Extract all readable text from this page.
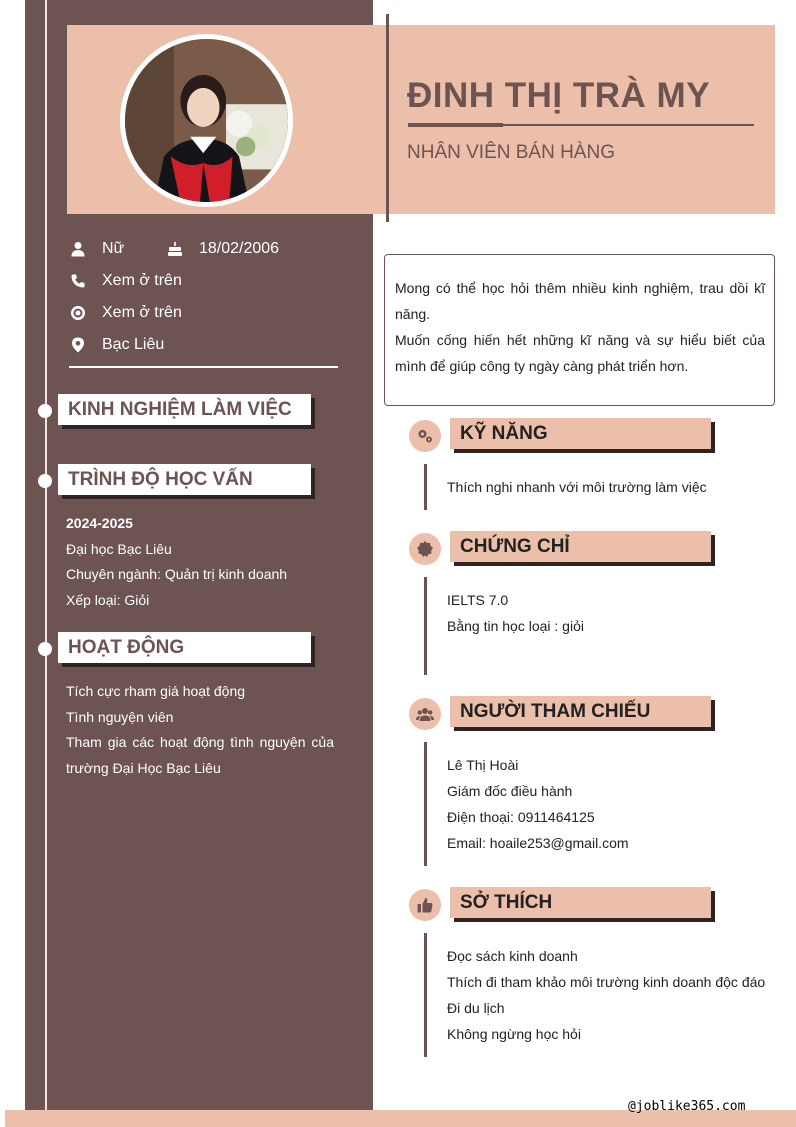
ĐINH THỊ TRÀ MY
NHÂN VIÊN BÁN HÀNG
Nữ	18/02/2006
Xem ở trên
Xem ở trên
Bạc Liêu
KINH NGHIỆM LÀM VIỆC
TRÌNH ĐỘ HỌC VẤN
2024-2025
Đại học Bạc Liêu
Chuyên ngành: Quản trị kinh doanh
Xếp loại: Giỏi
HOẠT ĐỘNG
Tích cực rham giá hoạt động
Tình nguyện viên
Tham gia các hoạt động tình nguyện của trường Đại Học Bạc Liêu
Mong có thể học hỏi thêm nhiều kinh nghiệm, trau dồi kĩ năng.
Muốn cống hiến hết những kĩ năng và sự hiểu biết của mình để giúp công ty ngày càng phát triển hơn.
KỸ NĂNG
Thích nghi nhanh với môi trường làm việc
CHỨNG CHỈ
IELTS 7.0
Bằng tin học loại : giỏi
NGƯỜI THAM CHIẾU
Lê Thị Hoài
Giám đốc điều hành
Điện thoại: 0911464125
Email: hoaile253@gmail.com
SỞ THÍCH
Đọc sách kinh doanh
Thích đi tham khảo môi trường kinh doanh độc đáo
Đi du lịch
Không ngừng học hỏi
@joblike365.com
